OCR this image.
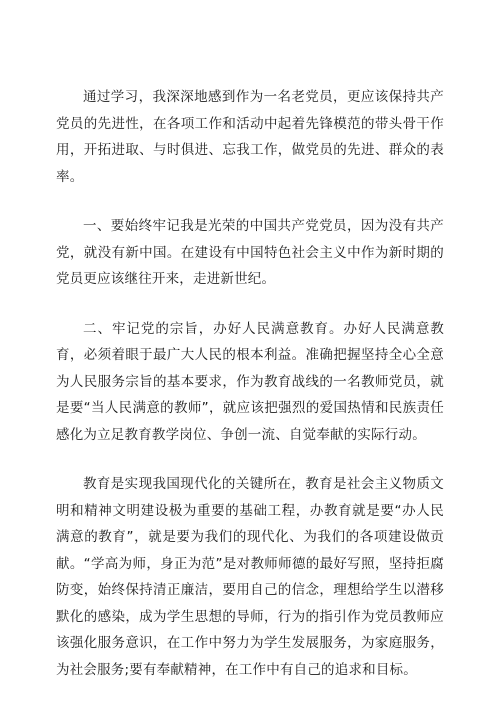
通过学习，我深深地感到作为一名老党员，更应该保持共产党员的先进性，在各项工作和活动中起着先锋模范的带头骨干作用，开拓进取、与时俱进、忘我工作，做党员的先进、群众的表率。

一、要始终牢记我是光荣的中国共产党党员，因为没有共产党，就没有新中国。在建设有中国特色社会主义中作为新时期的党员更应该继往开来，走进新世纪。

二、牢记党的宗旨，办好人民满意教育。办好人民满意教育，必须着眼于最广大人民的根本利益。准确把握坚持全心全意为人民服务宗旨的基本要求，作为教育战线的一名教师党员，就是要“当人民满意的教师”，就应该把强烈的爱国热情和民族责任感化为立足教育教学岗位、争创一流、自觉奉献的实际行动。

教育是实现我国现代化的关键所在，教育是社会主义物质文明和精神文明建设极为重要的基础工程，办教育就是要“办人民满意的教育”，就是要为我们的现代化、为我们的各项建设做贡献。“学高为师，身正为范”是对教师师德的最好写照，坚持拒腐防变，始终保持清正廉洁，要用自己的信念，理想给学生以潜移默化的感染，成为学生思想的导师，行为的指引作为党员教师应该强化服务意识，在工作中努力为学生发展服务，为家庭服务，为社会服务;要有奉献精神，在工作中有自己的追求和目标。
